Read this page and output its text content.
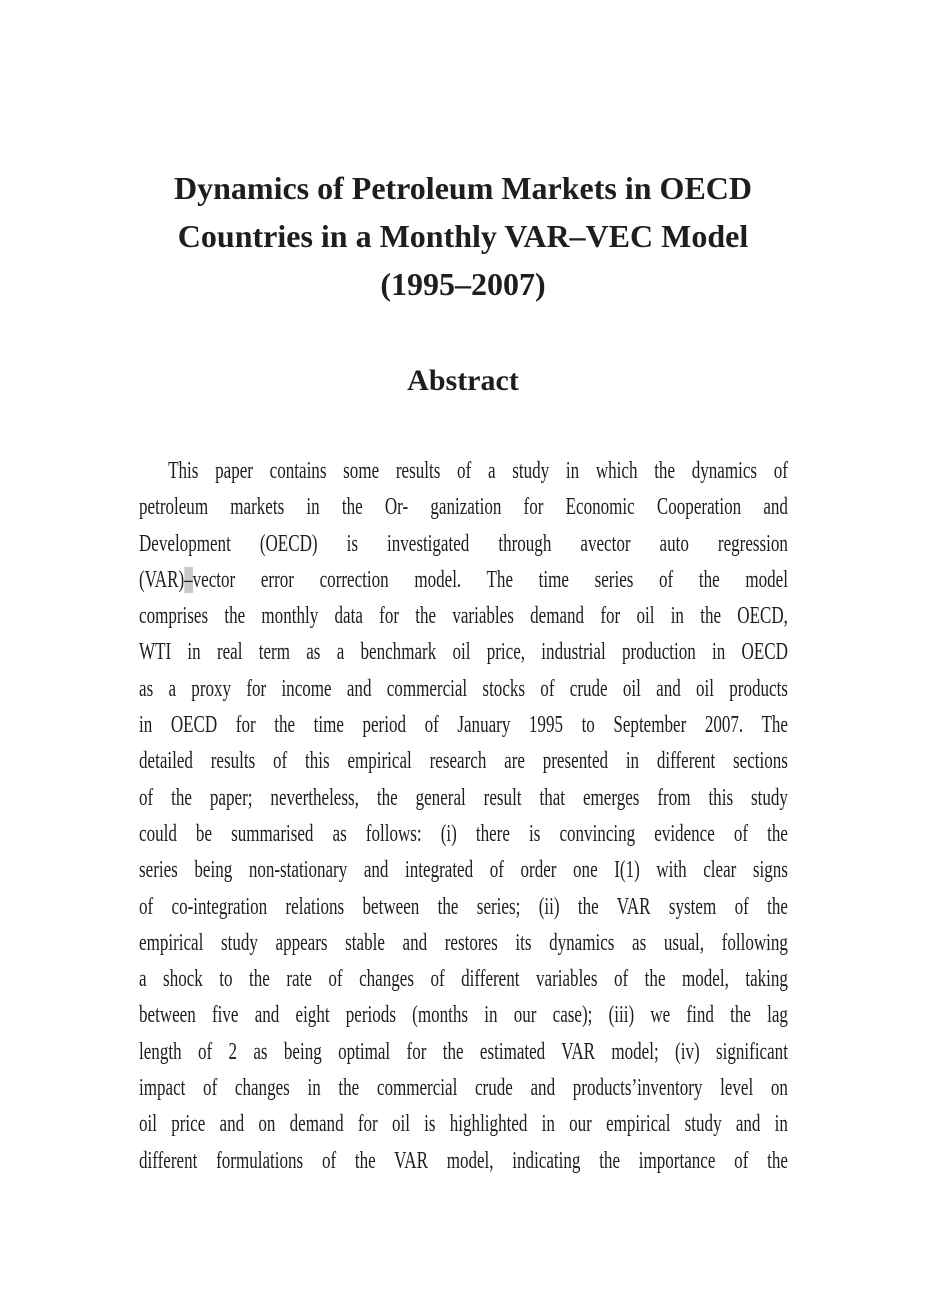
Dynamics of Petroleum Markets in OECD
Countries in a Monthly VAR–VEC Model
(1995–2007)
Abstract
This paper contains some results of a study in which the dynamics of
petroleum markets in the Or- ganization for Economic Cooperation and
Development (OECD) is investigated through avector auto regression
(VAR)–vector error correction model. The time series of the model
comprises the monthly data for the variables demand for oil in the OECD,
WTI in real term as a benchmark oil price, industrial production in OECD
as a proxy for income and commercial stocks of crude oil and oil products
in OECD for the time period of January 1995 to September 2007. The
detailed results of this empirical research are presented in different sections
of the paper; nevertheless, the general result that emerges from this study
could be summarised as follows: (i) there is convincing evidence of the
series being non-stationary and integrated of order one I(1) with clear signs
of co-integration relations between the series; (ii) the VAR system of the
empirical study appears stable and restores its dynamics as usual, following
a shock to the rate of changes of different variables of the model, taking
between five and eight periods (months in our case); (iii) we find the lag
length of 2 as being optimal for the estimated VAR model; (iv) significant
impact of changes in the commercial crude and products’inventory level on
oil price and on demand for oil is highlighted in our empirical study and in
different formulations of the VAR model, indicating the importance of the
